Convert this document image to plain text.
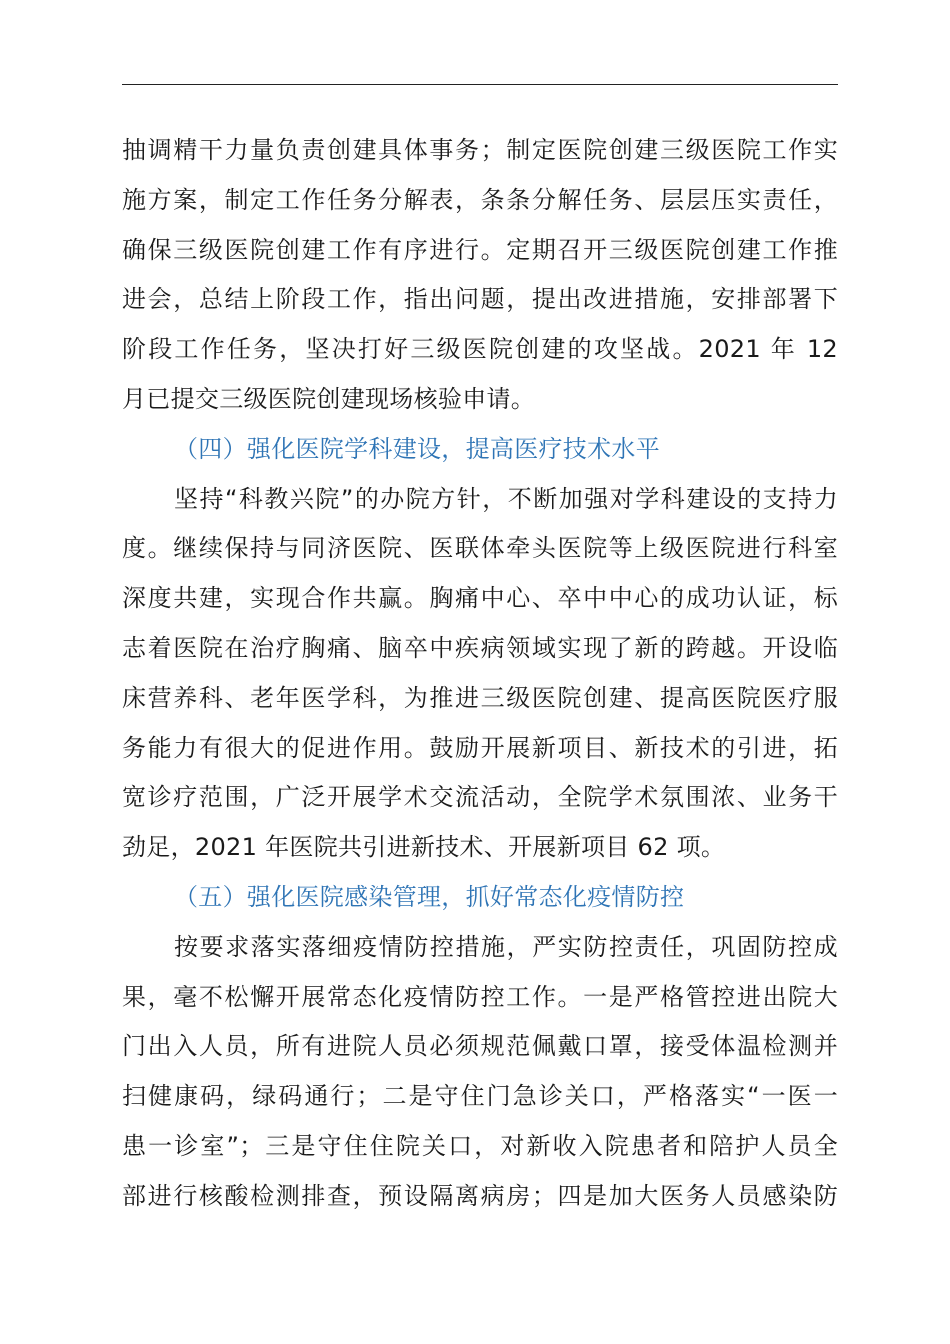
抽调精干力量负责创建具体事务；制定医院创建三级医院工作实
施方案，制定工作任务分解表，条条分解任务、层层压实责任，
确保三级医院创建工作有序进行。定期召开三级医院创建工作推
进会，总结上阶段工作，指出问题，提出改进措施，安排部署下
阶段工作任务，坚决打好三级医院创建的攻坚战。2021 年 12
月已提交三级医院创建现场核验申请。
（四）强化医院学科建设，提高医疗技术水平
坚持“科教兴院”的办院方针，不断加强对学科建设的支持力
度。继续保持与同济医院、医联体牵头医院等上级医院进行科室
深度共建，实现合作共赢。胸痛中心、卒中中心的成功认证，标
志着医院在治疗胸痛、脑卒中疾病领域实现了新的跨越。开设临
床营养科、老年医学科，为推进三级医院创建、提高医院医疗服
务能力有很大的促进作用。鼓励开展新项目、新技术的引进，拓
宽诊疗范围，广泛开展学术交流活动，全院学术氛围浓、业务干
劲足，2021 年医院共引进新技术、开展新项目 62 项。
（五）强化医院感染管理，抓好常态化疫情防控
按要求落实落细疫情防控措施，严实防控责任，巩固防控成
果，毫不松懈开展常态化疫情防控工作。一是严格管控进出院大
门出入人员，所有进院人员必须规范佩戴口罩，接受体温检测并
扫健康码，绿码通行；二是守住门急诊关口，严格落实“一医一
患一诊室”；三是守住住院关口，对新收入院患者和陪护人员全
部进行核酸检测排查，预设隔离病房；四是加大医务人员感染防
